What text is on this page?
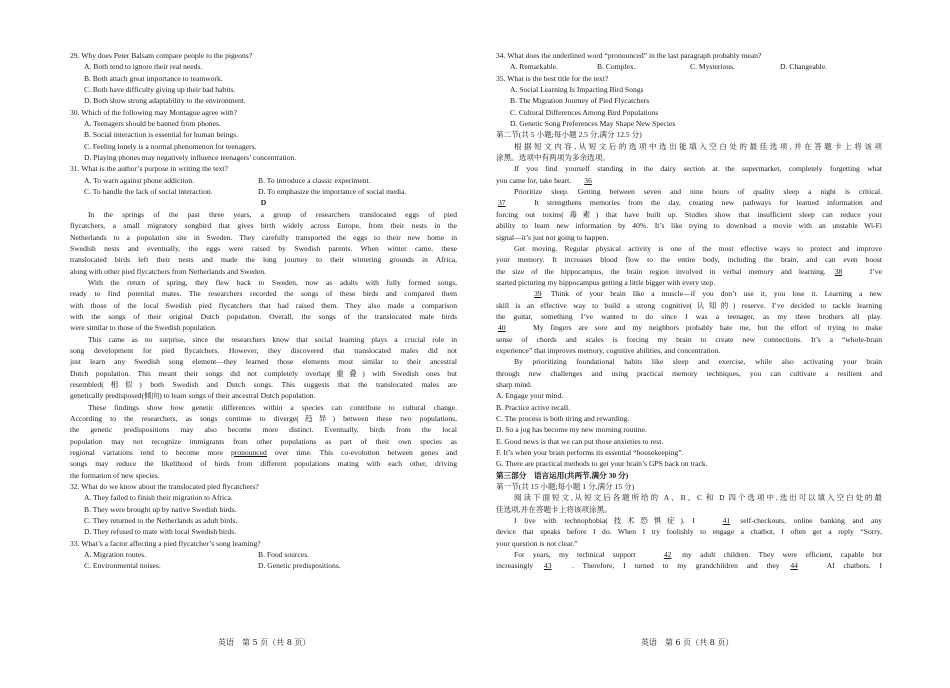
29. Why does Peter Balsam compare people to the pigeons?
A. Both tend to ignore their real needs.
B. Both attach great importance to teamwork.
C. Both have difficulty giving up their bad habits.
D. Both show strong adaptability to the environment.
30. Which of the following may Montague agree with?
A. Teenagers should be banned from phones.
B. Social interaction is essential for human beings.
C. Feeling lonely is a normal phenomenon for teenagers.
D. Playing phones may negatively influence teenagers’ concentration.
31. What is the author’s purpose in writing the text?
A. To warn against phone addiction.	B. To introduce a classic experiment.
C. To handle the lack of social interaction.	D. To emphasize the importance of social media.
D
In the springs of the past three years, a group of researchers translocated eggs of pied
flycatchers, a small migratory songbird that gives birth widely across Europe, from their nests in the
Netherlands to a population site in Sweden. They carefully transported the eggs to their new home in
Swedish nests and eventually, the eggs were raised by Swedish parents. When winter came, these
translocated birds left their nests and made the long journey to their wintering grounds in Africa,
along with other pied flycatchers from Netherlands and Sweden.
With the return of spring, they flew back to Sweden, now as adults with fully formed songs,
ready to find potential mates. The researchers recorded the songs of these birds and compared them
with those of the local Swedish pied flycatchers that had raised them. They also made a comparison
with the songs of their original Dutch population. Overall, the songs of the translocated male birds
were similar to those of the Swedish population.
This came as no surprise, since the researchers know that social learning plays a crucial role in
song development for pied flycatchers. However, they discovered that translocated males did not
just learn any Swedish song element—they learned those elements most similar to their ancestral
Dutch population. This meant their songs did not completely overlap(重叠) with Swedish ones but
resembled(相似) both Swedish and Dutch songs. This suggests that the translocated males are
genetically predisposed(倾向) to learn songs of their ancestral Dutch population.
These findings show how genetic differences within a species can contribute to cultural change.
According to the researchers, as songs continue to diverge(趋异) between these two populations,
the genetic predispositions may also become more distinct. Eventually, birds from the local
population may not recognize immigrants from other populations as part of their own species as
regional variations tend to become more pronounced over time. This co-evolution between genes and
songs may reduce the likelihood of birds from different populations mating with each other, driving
the formation of new species.
32. What do we know about the translocated pied flycatchers?
A. They failed to finish their migration to Africa.
B. They were brought up by native Swedish birds.
C. They returned to the Netherlands as adult birds.
D. They refused to mate with local Swedish birds.
33. What’s a factor affecting a pied flycatcher’s song learning?
A. Migration routes.	B. Food sources.
C. Environmental noises.	D. Genetic predispositions.
34. What does the underlined word “pronounced” in the last paragraph probably mean?
A. Remarkable.	B. Complex.	C. Mysterious.	D. Changeable.
35. What is the best title for the text?
A. Social Learning Is Impacting Bird Songs
B. The Migration Journey of Pied Flycatchers
C. Cultural Differences Among Bird Populations
D. Genetic Song Preferences May Shape New Species
第二节(共 5 小题;每小题 2.5 分,满分 12.5 分)
根据短文内容,从短文后的选项中选出能填入空白处的最佳选项,并在答题卡上将该项
涂黑。选项中有两项为多余选项。
If you find yourself standing in the dairy section at the supermarket, completely forgetting what
you came for, take heart. 36
Prioritize sleep. Getting between seven and nine hours of quality sleep a night is critical.
37	It strengthens memories from the day, creating new pathways for learned information and
forcing out toxins(毒素) that have built up. Studies show that insufficient sleep can reduce your
ability to learn new information by 40%. It’s like trying to download a movie with an unstable Wi-Fi
signal—it’s just not going to happen.
Get moving. Regular physical activity is one of the most effective ways to protect and improve
your memory. It increases blood flow to the entire body, including the brain, and can even boost
the size of the hippocampus, the brain region involved in verbal memory and learning. 38	I’ve
started picturing my hippocampus getting a little bigger with every step.
39 Think of your brain like a muscle—if you don’t use it, you lose it. Learning a new
skill is an effective way to build a strong cognitive(认知的) reserve. I’ve decided to tackle learning
the guitar, something I’ve wanted to do since I was a teenager, as my three brothers all play.
40	My fingers are sore and my neighbors probably hate me, but the effort of trying to make
sense of chords and scales is forcing my brain to create new connections. It’s a “whole-brain
experience” that improves memory, cognitive abilities, and concentration.
By prioritizing foundational habits like sleep and exercise, while also activating your brain
through new challenges and using practical memory techniques, you can cultivate a resilient and
sharp mind.
A. Engage your mind.
B. Practice active recall.
C. The process is both tiring and rewarding.
D. So a jog has become my new morning routine.
E. Good news is that we can put those anxieties to rest.
F. It’s when your brain performs its essential “housekeeping”.
G. There are practical methods to get your brain’s GPS back on track.
第三部分　语言运用(共两节,满分 30 分)
第一节(共 15 小题;每小题 1 分,满分 15 分)
阅读下面短文,从短文后各题所给的 A、B、C 和 D 四个选项中,选出可以填入空白处的最
佳选项,并在答题卡上将该项涂黑。
I live with technophobia(技术恐惧症). I	41 self-checkouts, online banking and any
device that speaks before I do. When I try foolishly to engage a chatbot, I often get a reply “Sorry,
your question is not clear.”
For years, my technical support	42 my adult children. They were efficient, capable but
increasingly 43	. Therefore, I turned to my grandchildren and they 44	AI chatbots. I
英语　第 5 页（共 8 页）	英语　第 6 页（共 8 页）
